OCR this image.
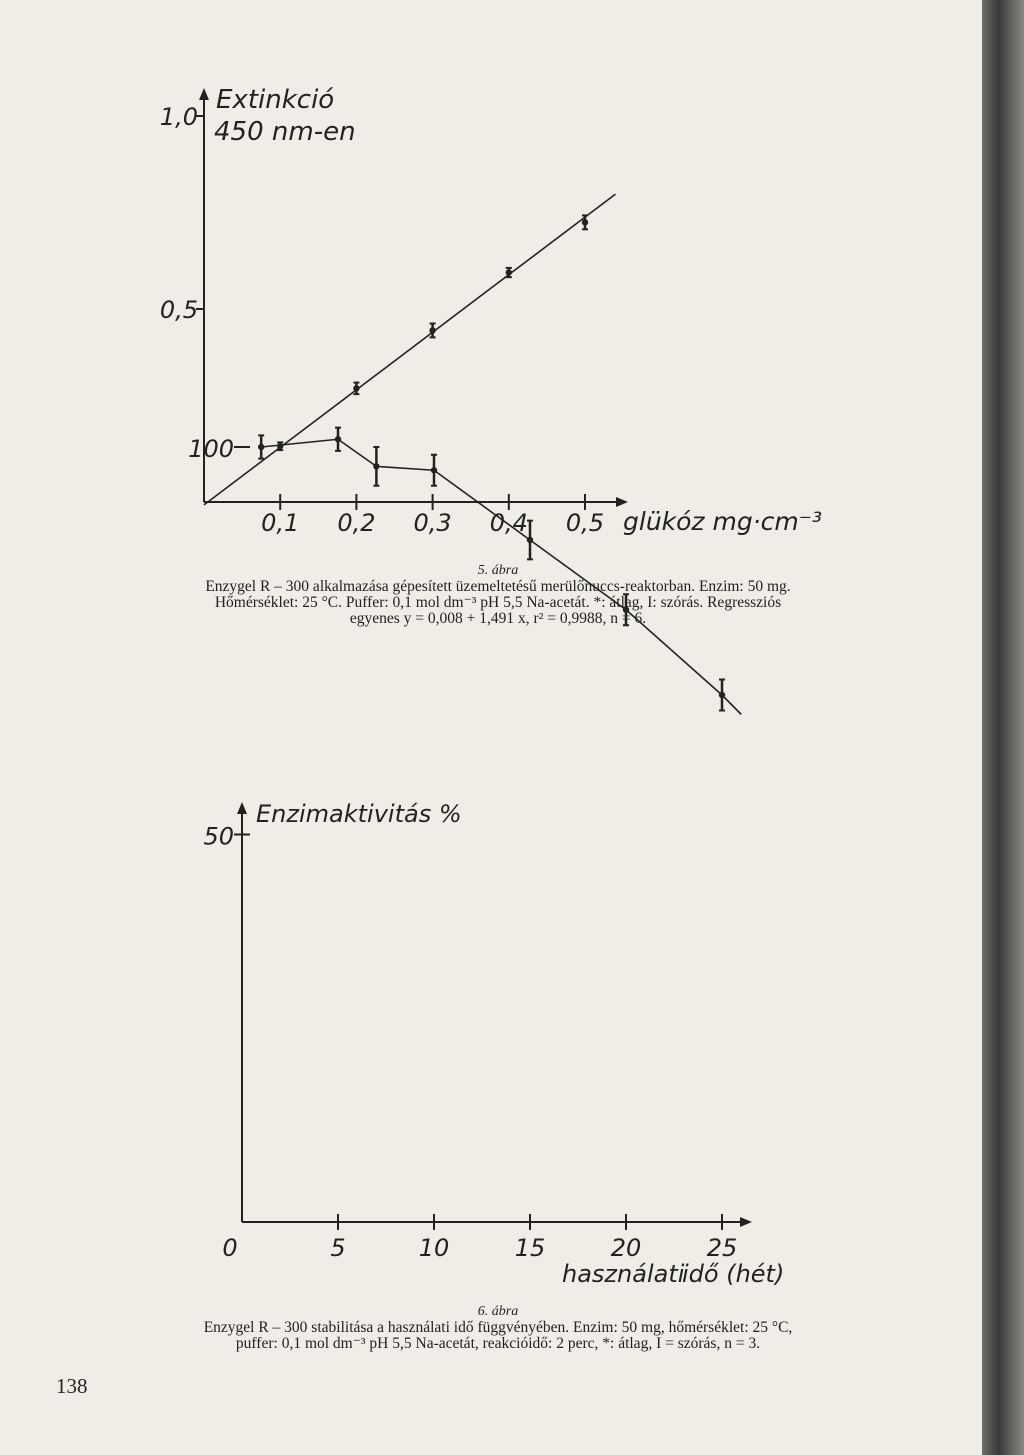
Extinkció
450 nm-en
glükóz mg·cm⁻³
0,1 0,2 0,3 0,4 0,5
1,0
0,5
Enzimaktivitás %
használati
idő (hét)
0	5	10	15	20	25
100
50

5. ábra

Enzygel R – 300 alkalmazása gépesített üzemeltetésű merülőnuccs-reaktorban. Enzim: 50 mg.

Hőmérséklet: 25 °C. Puffer: 0,1 mol dm⁻³ pH 5,5 Na-acetát. *: átlag, I: szórás. Regressziós

egyenes y = 0,008 + 1,491 x, r² = 0,9988, n = 6.

6. ábra

Enzygel R – 300 stabilitása a használati idő függvényében. Enzim: 50 mg, hőmérséklet: 25 °C,

puffer: 0,1 mol dm⁻³ pH 5,5 Na-acetát, reakcióidő: 2 perc, *: átlag, I = szórás, n = 3.

138
